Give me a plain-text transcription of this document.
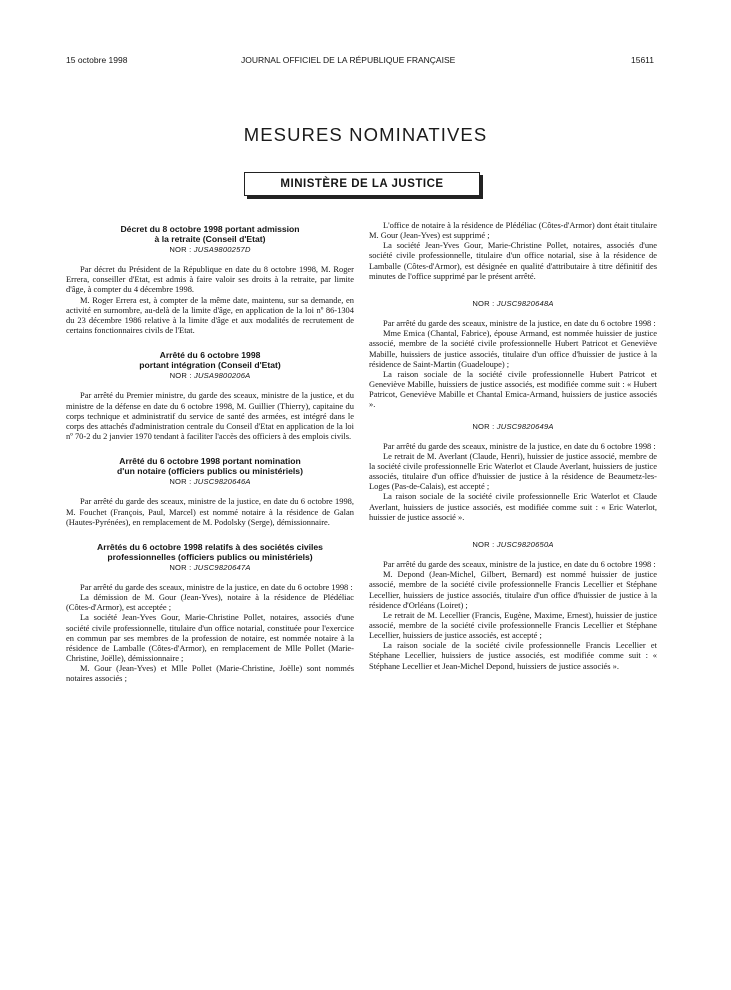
15 octobre 1998	JOURNAL OFFICIEL DE LA RÉPUBLIQUE FRANÇAISE	15611
MESURES NOMINATIVES
MINISTÈRE DE LA JUSTICE
Décret du 8 octobre 1998 portant admission
à la retraite (Conseil d'Etat)
NOR : JUSA9800257D

Par décret du Président de la République en date du 8 octobre 1998, M. Roger Errera, conseiller d'Etat, est admis à faire valoir ses droits à la retraite, par limite d'âge, à compter du 4 décembre 1998.

M. Roger Errera est, à compter de la même date, maintenu, sur sa demande, en activité en surnombre, au-delà de la limite d'âge, en application de la loi nº 86-1304 du 23 décembre 1986 relative à la limite d'âge et aux modalités de recrutement de certains fonctionnaires civils de l'Etat.

Arrêté du 6 octobre 1998
portant intégration (Conseil d'Etat)
NOR : JUSA9800206A

Par arrêté du Premier ministre, du garde des sceaux, ministre de la justice, et du ministre de la défense en date du 6 octobre 1998, M. Guillier (Thierry), capitaine du corps technique et administratif du service de santé des armées, est intégré dans le corps des attachés d'administration centrale du Conseil d'Etat en application de la loi nº 70-2 du 2 janvier 1970 tendant à faciliter l'accès des officiers à des emplois civils.

Arrêté du 6 octobre 1998 portant nomination
d'un notaire (officiers publics ou ministériels)
NOR : JUSC9820646A

Par arrêté du garde des sceaux, ministre de la justice, en date du 6 octobre 1998, M. Fouchet (François, Paul, Marcel) est nommé notaire à la résidence de Galan (Hautes-Pyrénées), en remplacement de M. Podolsky (Serge), démissionnaire.

Arrêtés du 6 octobre 1998 relatifs à des sociétés civiles
professionnelles (officiers publics ou ministériels)
NOR : JUSC9820647A

Par arrêté du garde des sceaux, ministre de la justice, en date du 6 octobre 1998 :

La démission de M. Gour (Jean-Yves), notaire à la résidence de Plédéliac (Côtes-d'Armor), est acceptée ;

La société Jean-Yves Gour, Marie-Christine Pollet, notaires, associés d'une société civile professionnelle, titulaire d'un office notarial, constituée pour l'exercice en commun par ses membres de la profession de notaire, est nommée notaire à la résidence de Lamballe (Côtes-d'Armor), en remplacement de Mlle Pollet (Marie-Christine, Joëlle), démissionnaire ;

M. Gour (Jean-Yves) et Mlle Pollet (Marie-Christine, Joëlle) sont nommés notaires associés ;

L'office de notaire à la résidence de Plédéliac (Côtes-d'Armor) dont était titulaire M. Gour (Jean-Yves) est supprimé ;

La société Jean-Yves Gour, Marie-Christine Pollet, notaires, associés d'une société civile professionnelle, titulaire d'un office notarial, sise à la résidence de Lamballe (Côtes-d'Armor), est désignée en qualité d'attributaire à titre définitif des minutes de l'office supprimé par le présent arrêté.

NOR : JUSC9820648A

Par arrêté du garde des sceaux, ministre de la justice, en date du 6 octobre 1998 :

Mme Emica (Chantal, Fabrice), épouse Armand, est nommée huissier de justice associé, membre de la société civile professionnelle Hubert Patricot et Geneviève Mabille, huissiers de justice associés, titulaire d'un office d'huissier de justice à la résidence de Saint-Martin (Guadeloupe) ;

La raison sociale de la société civile professionnelle Hubert Patricot et Geneviève Mabille, huissiers de justice associés, est modifiée comme suit : « Hubert Patricot, Geneviève Mabille et Chantal Emica-Armand, huissiers de justice associés ».

NOR : JUSC9820649A

Par arrêté du garde des sceaux, ministre de la justice, en date du 6 octobre 1998 :

Le retrait de M. Averlant (Claude, Henri), huissier de justice associé, membre de la société civile professionnelle Eric Waterlot et Claude Averlant, huissiers de justice associés, titulaire d'un office d'huissier de justice à la résidence de Beaumetz-les-Loges (Pas-de-Calais), est accepté ;

La raison sociale de la société civile professionnelle Eric Waterlot et Claude Averlant, huissiers de justice associés, est modifiée comme suit : « Eric Waterlot, huissier de justice associé ».

NOR : JUSC9820650A

Par arrêté du garde des sceaux, ministre de la justice, en date du 6 octobre 1998 :

M. Depond (Jean-Michel, Gilbert, Bernard) est nommé huissier de justice associé, membre de la société civile professionnelle Francis Lecellier et Stéphane Lecellier, huissiers de justice associés, titulaire d'un office d'huissier de justice à la résidence d'Orléans (Loiret) ;

Le retrait de M. Lecellier (Francis, Eugène, Maxime, Ernest), huissier de justice associé, membre de la société civile professionnelle Francis Lecellier et Stéphane Lecellier, huissiers de justice associés, est accepté ;

La raison sociale de la société civile professionnelle Francis Lecellier et Stéphane Lecellier, huissiers de justice associés, est modifiée comme suit : « Stéphane Lecellier et Jean-Michel Depond, huissiers de justice associés ».
